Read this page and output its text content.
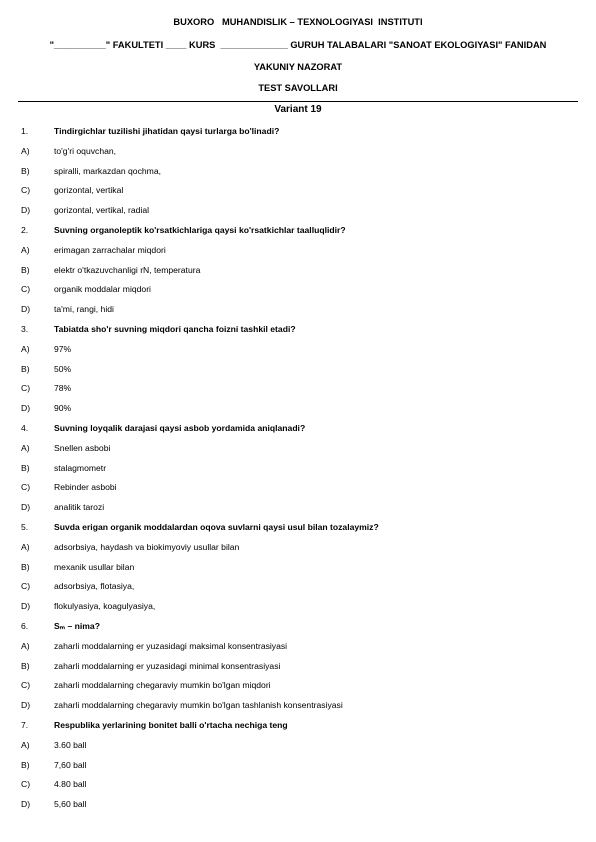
BUXORO   MUHANDISLIK – TEXNOLOGIYASI  INSTITUTI
"__________" FAKULTETI ____ KURS  _____________ GURUH TALABALARI "SANOAT EKOLOGIYASI" FANIDAN
YAKUNIY NAZORAT
TEST SAVOLLARI
Variant 19
1.	Tindirgichlar tuzilishi jihatidan qaysi turlarga bo'linadi?
A)	to'g'ri oquvchan,
B)	spiralli, markazdan qochma,
C)	gorizontal, vertikal
D)	gorizontal, vertikal, radial
2.	Suvning organoleptik ko'rsatkichlariga qaysi ko'rsatkichlar taalluqlidir?
A)	erimagan zarrachalar miqdori
B)	elektr o'tkazuvchanligi rN, temperatura
C)	organik moddalar miqdori
D)	ta'mi, rangi, hidi
3.	Tabiatda sho'r suvning miqdori qancha foizni tashkil etadi?
A)	97%
B)	50%
C)	78%
D)	90%
4.	Suvning loyqalik darajasi qaysi asbob yordamida aniqlanadi?
A)	Snellen asbobi
B)	stalagmometr
C)	Rebinder asbobi
D)	analitik tarozi
5.	Suvda erigan organik moddalardan oqova suvlarni qaysi usul bilan tozalaymiz?
A)	adsorbsiya, haydash va biokimyoviy usullar bilan
B)	mexanik usullar bilan
C)	adsorbsiya, flotasiya,
D)	flokulyasiya, koagulyasiya,
6.	Sₘ – nima?
A)	zaharli moddalarning er yuzasidagi maksimal konsentrasiyasi
B)	zaharli moddalarning er yuzasidagi minimal konsentrasiyasi
C)	zaharli moddalarning chegaraviy mumkin bo'lgan miqdori
D)	zaharli moddalarning chegaraviy mumkin bo'lgan tashlanish konsentrasiyasi
7.	Respublika yerlarining bonitet balli o'rtacha nechiga teng
A)	3.60 ball
B)	7,60 ball
C)	4.80 ball
D)	5,60 ball
